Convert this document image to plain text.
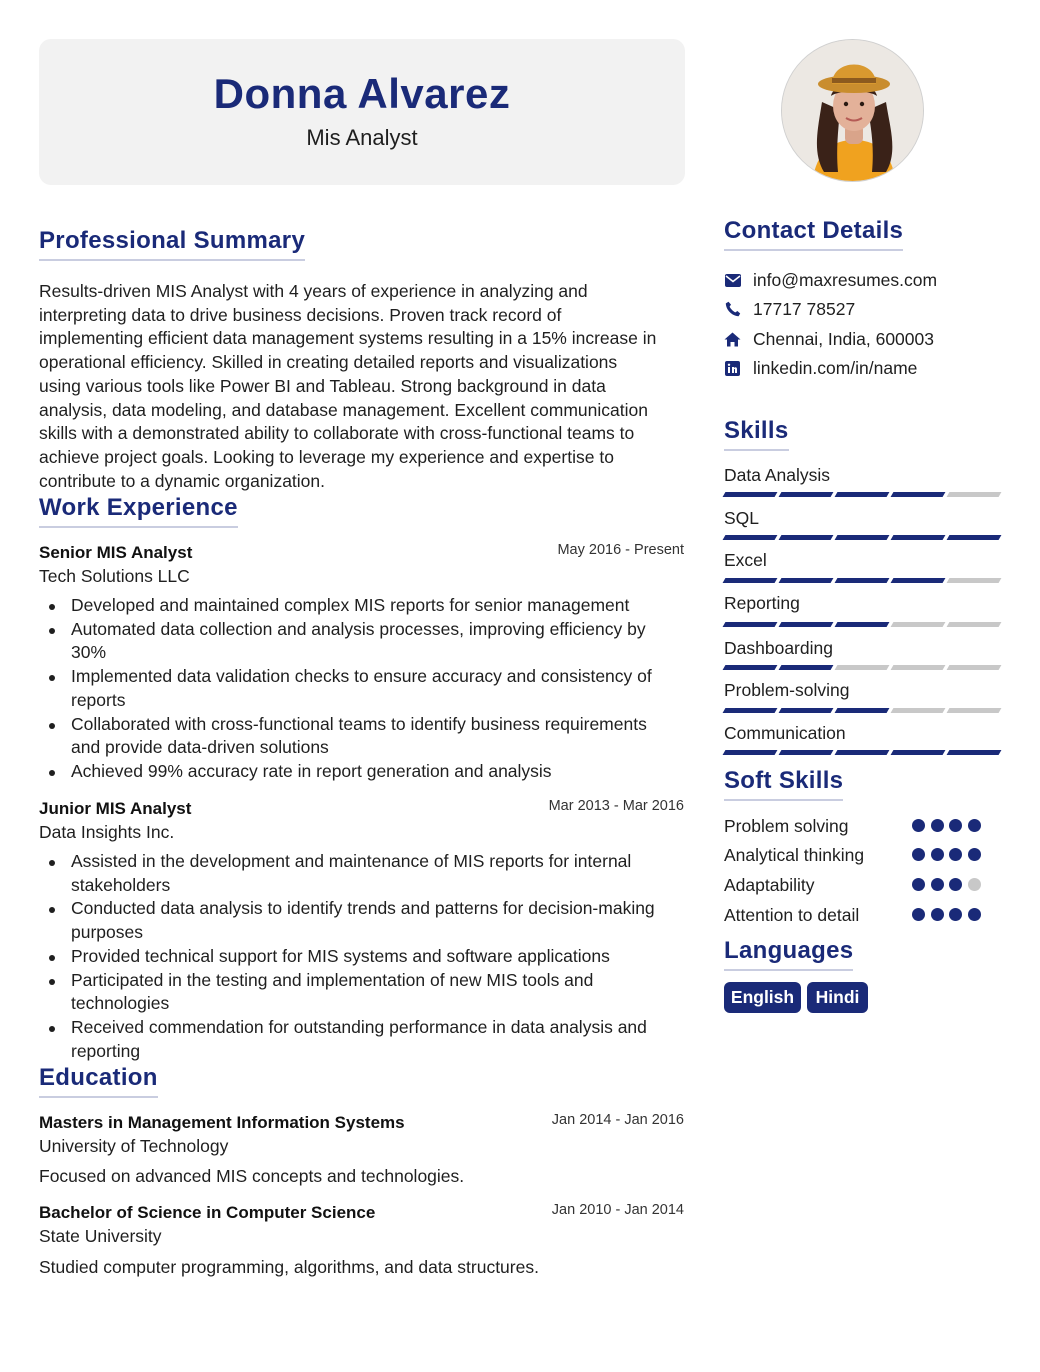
Donna Alvarez
Mis Analyst
Professional Summary
Results-driven MIS Analyst with 4 years of experience in analyzing and
interpreting data to drive business decisions. Proven track record of
implementing efficient data management systems resulting in a 15% increase in
operational efficiency. Skilled in creating detailed reports and visualizations
using various tools like Power BI and Tableau. Strong background in data
analysis, data modeling, and database management. Excellent communication
skills with a demonstrated ability to collaborate with cross-functional teams to
achieve project goals. Looking to leverage my experience and expertise to
contribute to a dynamic organization.
Work Experience
Senior MIS Analyst	May 2016 - Present
Tech Solutions LLC
Developed and maintained complex MIS reports for senior management
Automated data collection and analysis processes, improving efficiency by
30%
Implemented data validation checks to ensure accuracy and consistency of
reports
Collaborated with cross-functional teams to identify business requirements
and provide data-driven solutions
Achieved 99% accuracy rate in report generation and analysis
Junior MIS Analyst	Mar 2013 - Mar 2016
Data Insights Inc.
Assisted in the development and maintenance of MIS reports for internal
stakeholders
Conducted data analysis to identify trends and patterns for decision-making
purposes
Provided technical support for MIS systems and software applications
Participated in the testing and implementation of new MIS tools and
technologies
Received commendation for outstanding performance in data analysis and
reporting
Education
Masters in Management Information Systems	Jan 2014 - Jan 2016
University of Technology
Focused on advanced MIS concepts and technologies.
Bachelor of Science in Computer Science	Jan 2010 - Jan 2014
State University
Studied computer programming, algorithms, and data structures.
Contact Details
info@maxresumes.com
17717 78527
Chennai, India, 600003
linkedin.com/in/name
Skills
Data Analysis
SQL
Excel
Reporting
Dashboarding
Problem-solving
Communication
Soft Skills
Problem solving
Analytical thinking
Adaptability
Attention to detail
Languages
English	Hindi
